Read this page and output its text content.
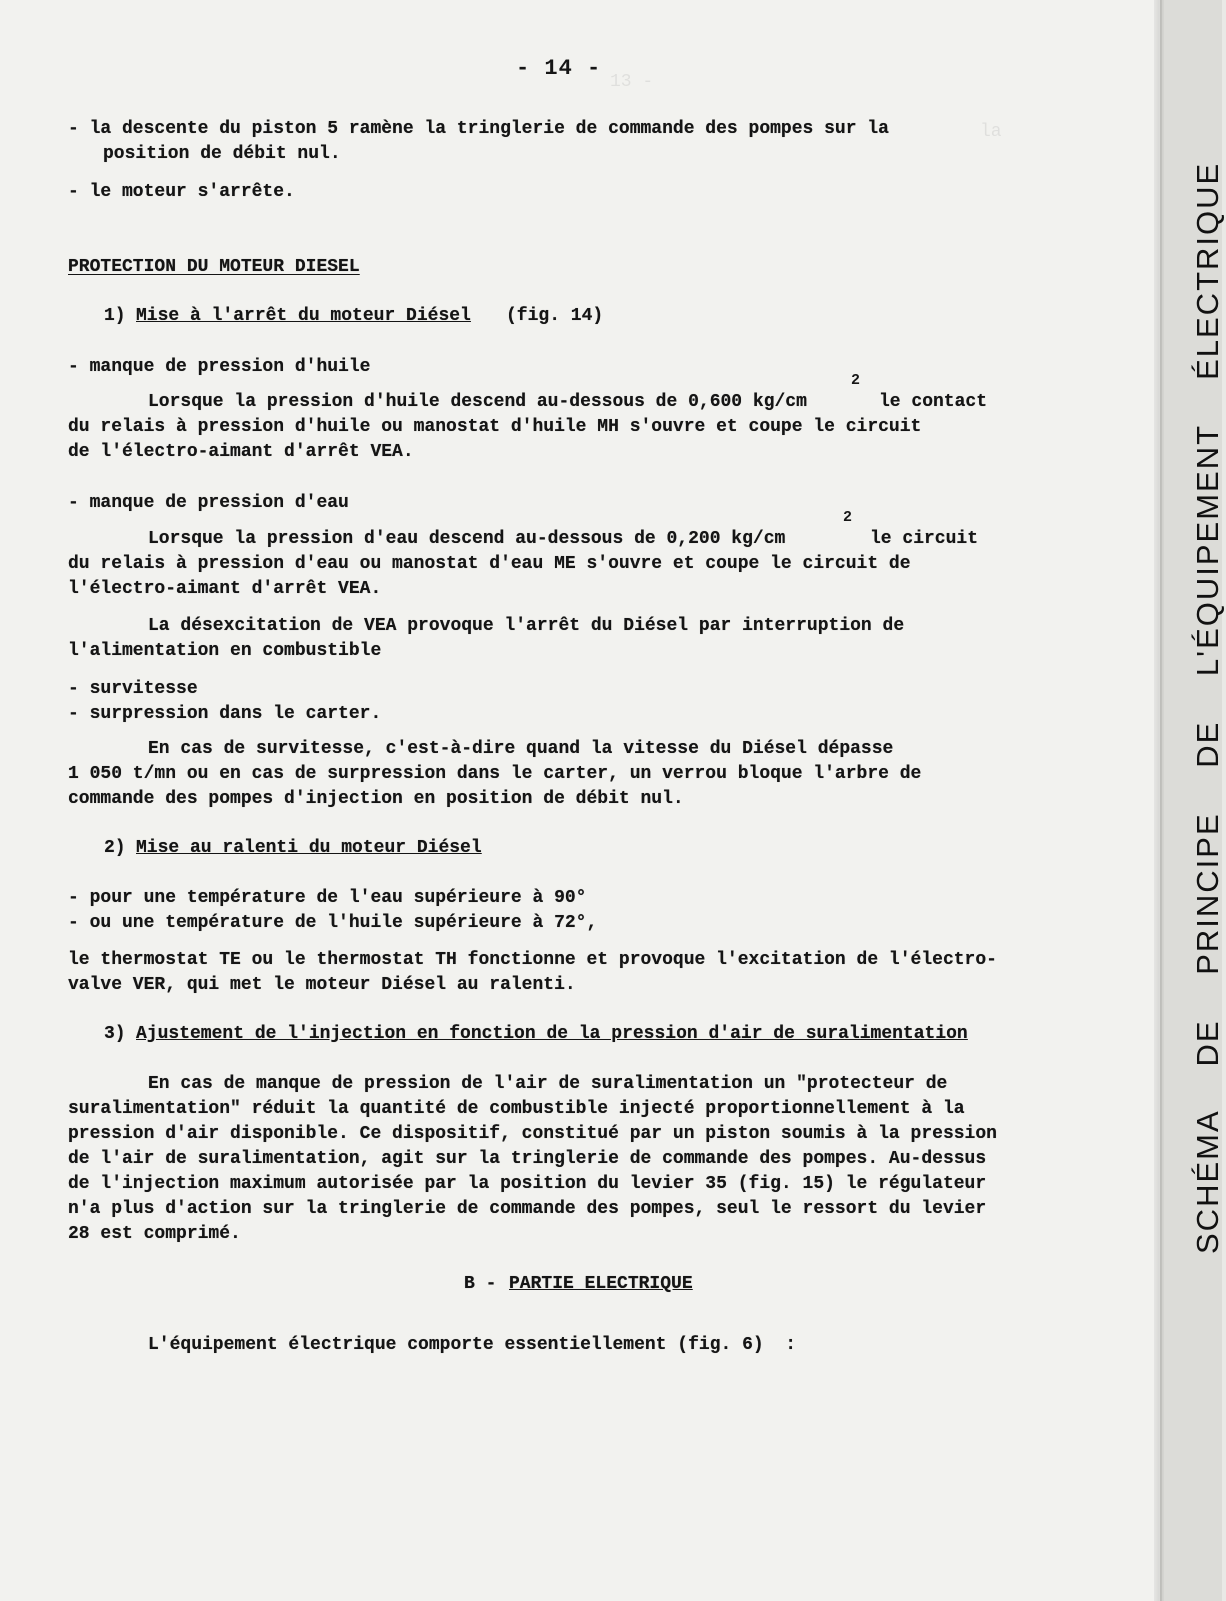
13 -
la
SCHÉMA DE PRINCIPE DE L'ÉQUIPEMENT ÉLECTRIQUE
- 14 -
- la descente du piston 5 ramène la tringlerie de commande des pompes sur la
position de débit nul.
- le moteur s'arrête.
PROTECTION DU MOTEUR DIESEL
1) Mise à l'arrêt du moteur Diésel (fig. 14)
- manque de pression d'huile
Lorsque la pression d'huile descend au-dessous de 0,600 kg/cm
2
le contact
du relais à pression d'huile ou manostat d'huile MH s'ouvre et coupe le circuit
de l'électro-aimant d'arrêt VEA.
- manque de pression d'eau
Lorsque la pression d'eau descend au-dessous de 0,200 kg/cm
2
le circuit
du relais à pression d'eau ou manostat d'eau ME s'ouvre et coupe le circuit de
l'électro-aimant d'arrêt VEA.
La désexcitation de VEA provoque l'arrêt du Diésel par interruption de
l'alimentation en combustible
- survitesse
- surpression dans le carter.
En cas de survitesse, c'est-à-dire quand la vitesse du Diésel dépasse
1 050 t/mn ou en cas de surpression dans le carter, un verrou bloque l'arbre de
commande des pompes d'injection en position de débit nul.
2) Mise au ralenti du moteur Diésel
- pour une température de l'eau supérieure à 90°
- ou une température de l'huile supérieure à 72°,
le thermostat TE ou le thermostat TH fonctionne et provoque l'excitation de l'électro-
valve VER, qui met le moteur Diésel au ralenti.
3) Ajustement de l'injection en fonction de la pression d'air de suralimentation
En cas de manque de pression de l'air de suralimentation un "protecteur de
suralimentation" réduit la quantité de combustible injecté proportionnellement à la
pression d'air disponible. Ce dispositif, constitué par un piston soumis à la pression
de l'air de suralimentation, agit sur la tringlerie de commande des pompes. Au-dessus
de l'injection maximum autorisée par la position du levier 35 (fig. 15) le régulateur
n'a plus d'action sur la tringlerie de commande des pompes, seul le ressort du levier
28 est comprimé.
B - PARTIE ELECTRIQUE
L'équipement électrique comporte essentiellement (fig. 6)  :
